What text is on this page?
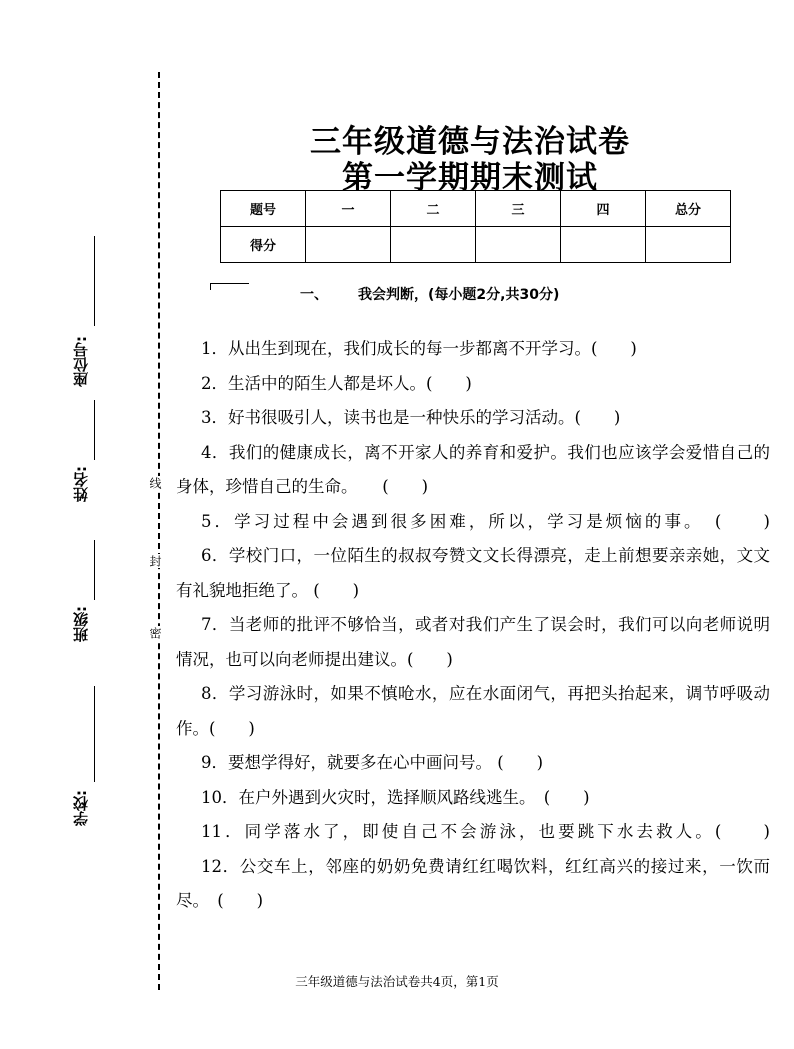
线
封
密
座位号:
姓名:
班级:
学校:
三年级道德与法治试卷
第一学期期末测试
题号	一	二	三	四	总分
得分					
一、 我会判断，(每小题2分,共30分)
1．从出生到现在，我们成长的每一步都离不开学习。(　　)
2．生活中的陌生人都是坏人。(　　)
3．好书很吸引人，读书也是一种快乐的学习活动。(　　)
4．我们的健康成长，离不开家人的养育和爱护。我们也应该学会爱惜自己的身体，珍惜自己的生命。　　(　　)
5．学习过程中会遇到很多困难，所以，学习是烦恼的事。　(　　)
6．学校门口，一位陌生的叔叔夸赞文文长得漂亮，走上前想要亲亲她，文文有礼貌地拒绝了。 (　　)
7．当老师的批评不够恰当，或者对我们产生了误会时，我们可以向老师说明情况，也可以向老师提出建议。(　　)
8．学习游泳时，如果不慎呛水，应在水面闭气，再把头抬起来，调节呼吸动作。(　　)
9．要想学得好，就要多在心中画问号。 (　　)
10．在户外遇到火灾时，选择顺风路线逃生。　(　　)
11．同学落水了，即使自己不会游泳，也要跳下水去救人。(　　)
12．公交车上，邻座的奶奶免费请红红喝饮料，红红高兴的接过来，一饮而尽。　(　　)
三年级道德与法治试卷共4页，第1页
